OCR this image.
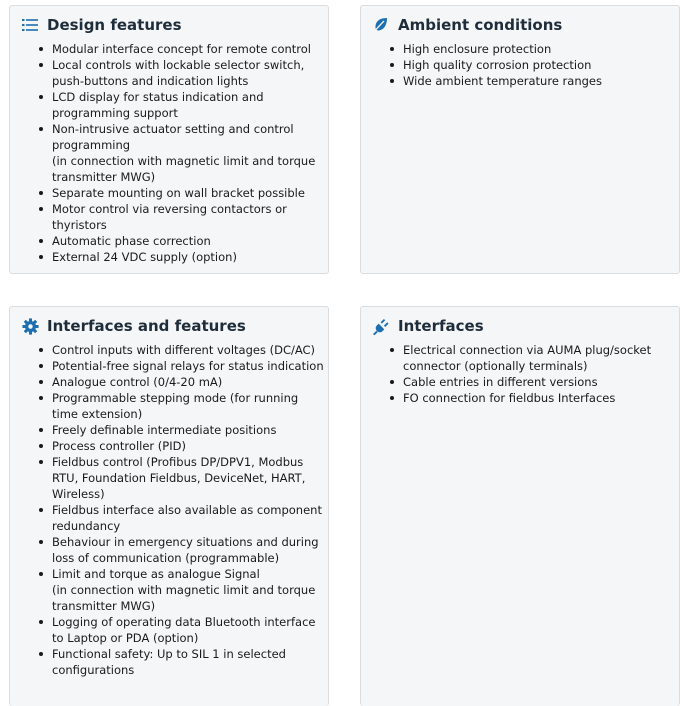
Design features
Modular interface concept for remote control
Local controls with lockable selector switch,
push-buttons and indication lights
LCD display for status indication and
programming support
Non-intrusive actuator setting and control
programming
(in connection with magnetic limit and torque
transmitter MWG)
Separate mounting on wall bracket possible
Motor control via reversing contactors or
thyristors
Automatic phase correction
External 24 VDC supply (option)
Ambient conditions
High enclosure protection
High quality corrosion protection
Wide ambient temperature ranges
Interfaces and features
Control inputs with different voltages (DC/AC)
Potential-free signal relays for status indication
Analogue control (0/4-20 mA)
Programmable stepping mode (for running
time extension)
Freely definable intermediate positions
Process controller (PID)
Fieldbus control (Profibus DP/DPV1, Modbus
RTU, Foundation Fieldbus, DeviceNet, HART,
Wireless)
Fieldbus interface also available as component
redundancy
Behaviour in emergency situations and during
loss of communication (programmable)
Limit and torque as analogue Signal
(in connection with magnetic limit and torque
transmitter MWG)
Logging of operating data Bluetooth interface
to Laptop or PDA (option)
Functional safety: Up to SIL 1 in selected
configurations
Interfaces
Electrical connection via AUMA plug/socket
connector (optionally terminals)
Cable entries in different versions
FO connection for fieldbus Interfaces
